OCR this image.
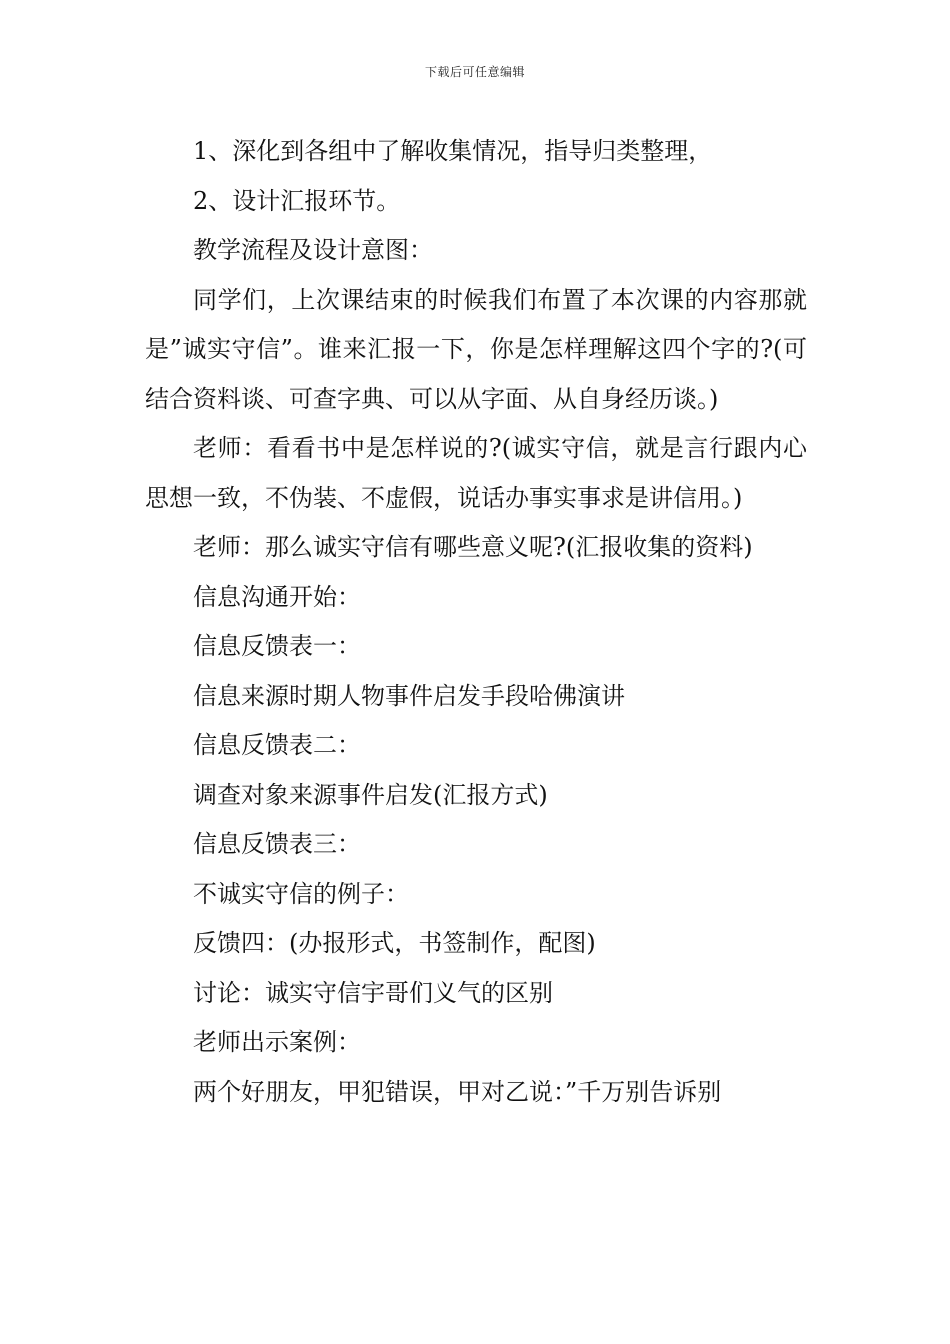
下载后可任意编辑

1、深化到各组中了解收集情况，指导归类整理，

2、设计汇报环节。

教学流程及设计意图：

同学们，上次课结束的时候我们布置了本次课的内容那就是”诚实守信”。谁来汇报一下，你是怎样理解这四个字的?(可结合资料谈、可查字典、可以从字面、从自身经历谈。)

老师：看看书中是怎样说的?(诚实守信，就是言行跟内心思想一致，不伪装、不虚假，说话办事实事求是讲信用。)

老师：那么诚实守信有哪些意义呢?(汇报收集的资料)

信息沟通开始：

信息反馈表一：

信息来源时期人物事件启发手段哈佛演讲

信息反馈表二：

调查对象来源事件启发(汇报方式)

信息反馈表三：

不诚实守信的例子：

反馈四：(办报形式，书签制作，配图)

讨论：诚实守信宇哥们义气的区别

老师出示案例：

两个好朋友，甲犯错误，甲对乙说：”千万别告诉别
